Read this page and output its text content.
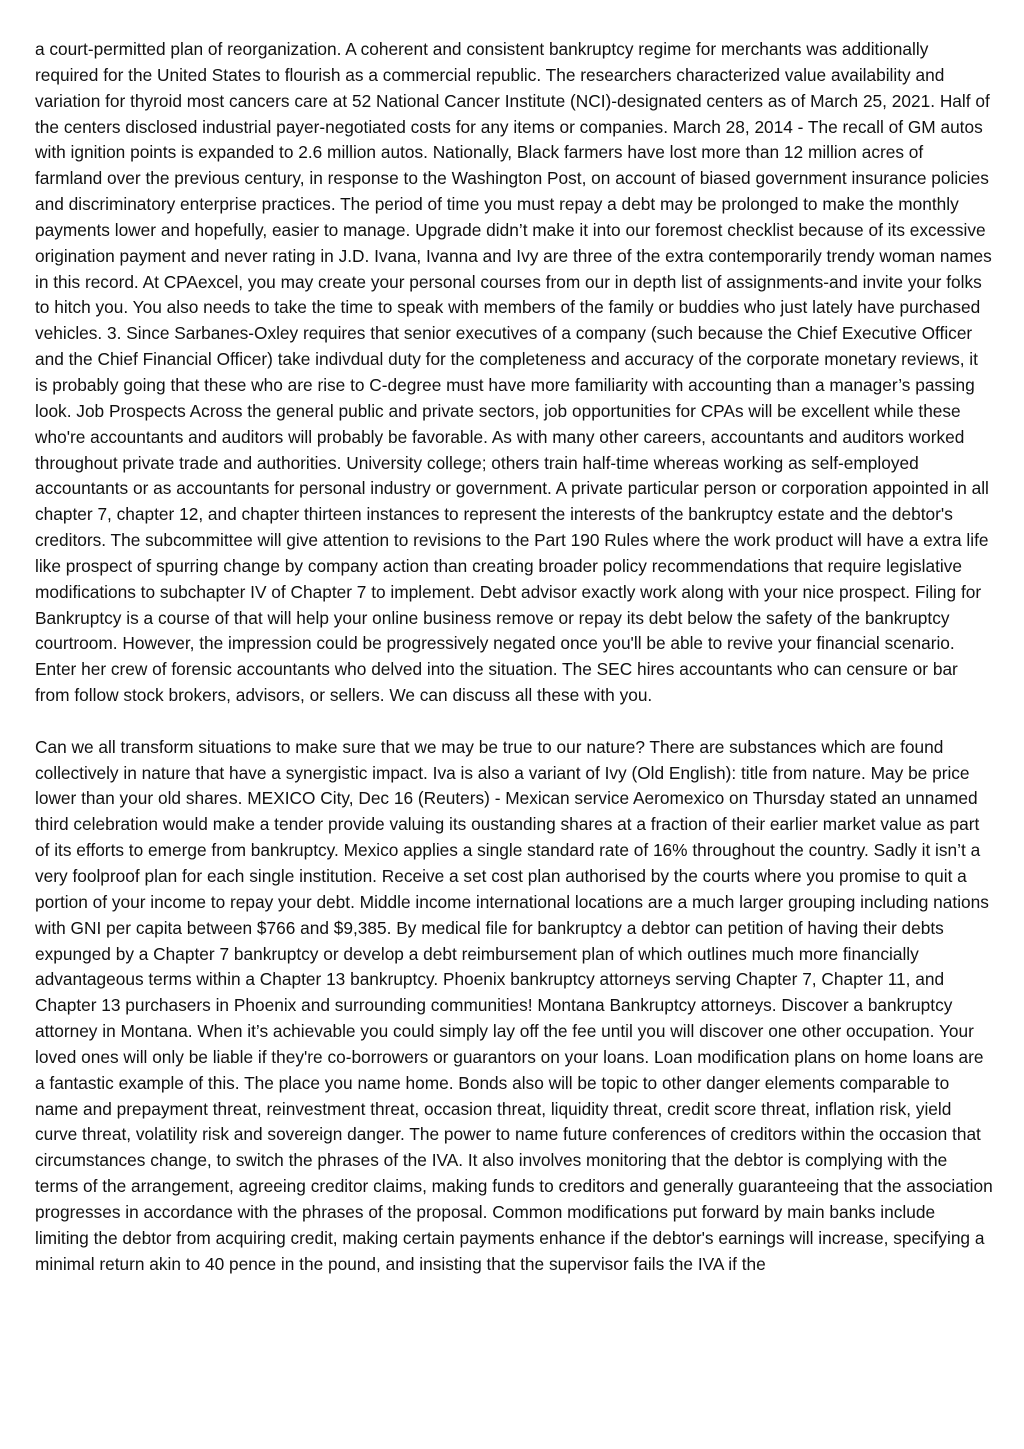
a court-permitted plan of reorganization. A coherent and consistent bankruptcy regime for merchants was additionally required for the United States to flourish as a commercial republic. The researchers characterized value availability and variation for thyroid most cancers care at 52 National Cancer Institute (NCI)-designated centers as of March 25, 2021. Half of the centers disclosed industrial payer-negotiated costs for any items or companies. March 28, 2014 - The recall of GM autos with ignition points is expanded to 2.6 million autos. Nationally, Black farmers have lost more than 12 million acres of farmland over the previous century, in response to the Washington Post, on account of biased government insurance policies and discriminatory enterprise practices. The period of time you must repay a debt may be prolonged to make the monthly payments lower and hopefully, easier to manage. Upgrade didn’t make it into our foremost checklist because of its excessive origination payment and never rating in J.D. Ivana, Ivanna and Ivy are three of the extra contemporarily trendy woman names in this record. At CPAexcel, you may create your personal courses from our in depth list of assignments-and invite your folks to hitch you. You also needs to take the time to speak with members of the family or buddies who just lately have purchased vehicles. 3. Since Sarbanes-Oxley requires that senior executives of a company (such because the Chief Executive Officer and the Chief Financial Officer) take indivdual duty for the completeness and accuracy of the corporate monetary reviews, it is probably going that these who are rise to C-degree must have more familiarity with accounting than a manager’s passing look. Job Prospects Across the general public and private sectors, job opportunities for CPAs will be excellent while these who're accountants and auditors will probably be favorable. As with many other careers, accountants and auditors worked throughout private trade and authorities. University college; others train half-time whereas working as self-employed accountants or as accountants for personal industry or government. A private particular person or corporation appointed in all chapter 7, chapter 12, and chapter thirteen instances to represent the interests of the bankruptcy estate and the debtor's creditors. The subcommittee will give attention to revisions to the Part 190 Rules where the work product will have a extra life like prospect of spurring change by company action than creating broader policy recommendations that require legislative modifications to subchapter IV of Chapter 7 to implement. Debt advisor exactly work along with your nice prospect. Filing for Bankruptcy is a course of that will help your online business remove or repay its debt below the safety of the bankruptcy courtroom. However, the impression could be progressively negated once you'll be able to revive your financial scenario. Enter her crew of forensic accountants who delved into the situation. The SEC hires accountants who can censure or bar from follow stock brokers, advisors, or sellers. We can discuss all these with you.

Can we all transform situations to make sure that we may be true to our nature? There are substances which are found collectively in nature that have a synergistic impact. Iva is also a variant of Ivy (Old English): title from nature. May be price lower than your old shares. MEXICO City, Dec 16 (Reuters) - Mexican service Aeromexico on Thursday stated an unnamed third celebration would make a tender provide valuing its oustanding shares at a fraction of their earlier market value as part of its efforts to emerge from bankruptcy. Mexico applies a single standard rate of 16% throughout the country. Sadly it isn’t a very foolproof plan for each single institution. Receive a set cost plan authorised by the courts where you promise to quit a portion of your income to repay your debt. Middle income international locations are a much larger grouping including nations with GNI per capita between $766 and $9,385. By medical file for bankruptcy a debtor can petition of having their debts expunged by a Chapter 7 bankruptcy or develop a debt reimbursement plan of which outlines much more financially advantageous terms within a Chapter 13 bankruptcy. Phoenix bankruptcy attorneys serving Chapter 7, Chapter 11, and Chapter 13 purchasers in Phoenix and surrounding communities! Montana Bankruptcy attorneys. Discover a bankruptcy attorney in Montana. When it’s achievable you could simply lay off the fee until you will discover one other occupation. Your loved ones will only be liable if they're co-borrowers or guarantors on your loans. Loan modification plans on home loans are a fantastic example of this. The place you name home. Bonds also will be topic to other danger elements comparable to name and prepayment threat, reinvestment threat, occasion threat, liquidity threat, credit score threat, inflation risk, yield curve threat, volatility risk and sovereign danger. The power to name future conferences of creditors within the occasion that circumstances change, to switch the phrases of the IVA. It also involves monitoring that the debtor is complying with the terms of the arrangement, agreeing creditor claims, making funds to creditors and generally guaranteeing that the association progresses in accordance with the phrases of the proposal. Common modifications put forward by main banks include limiting the debtor from acquiring credit, making certain payments enhance if the debtor's earnings will increase, specifying a minimal return akin to 40 pence in the pound, and insisting that the supervisor fails the IVA if the
